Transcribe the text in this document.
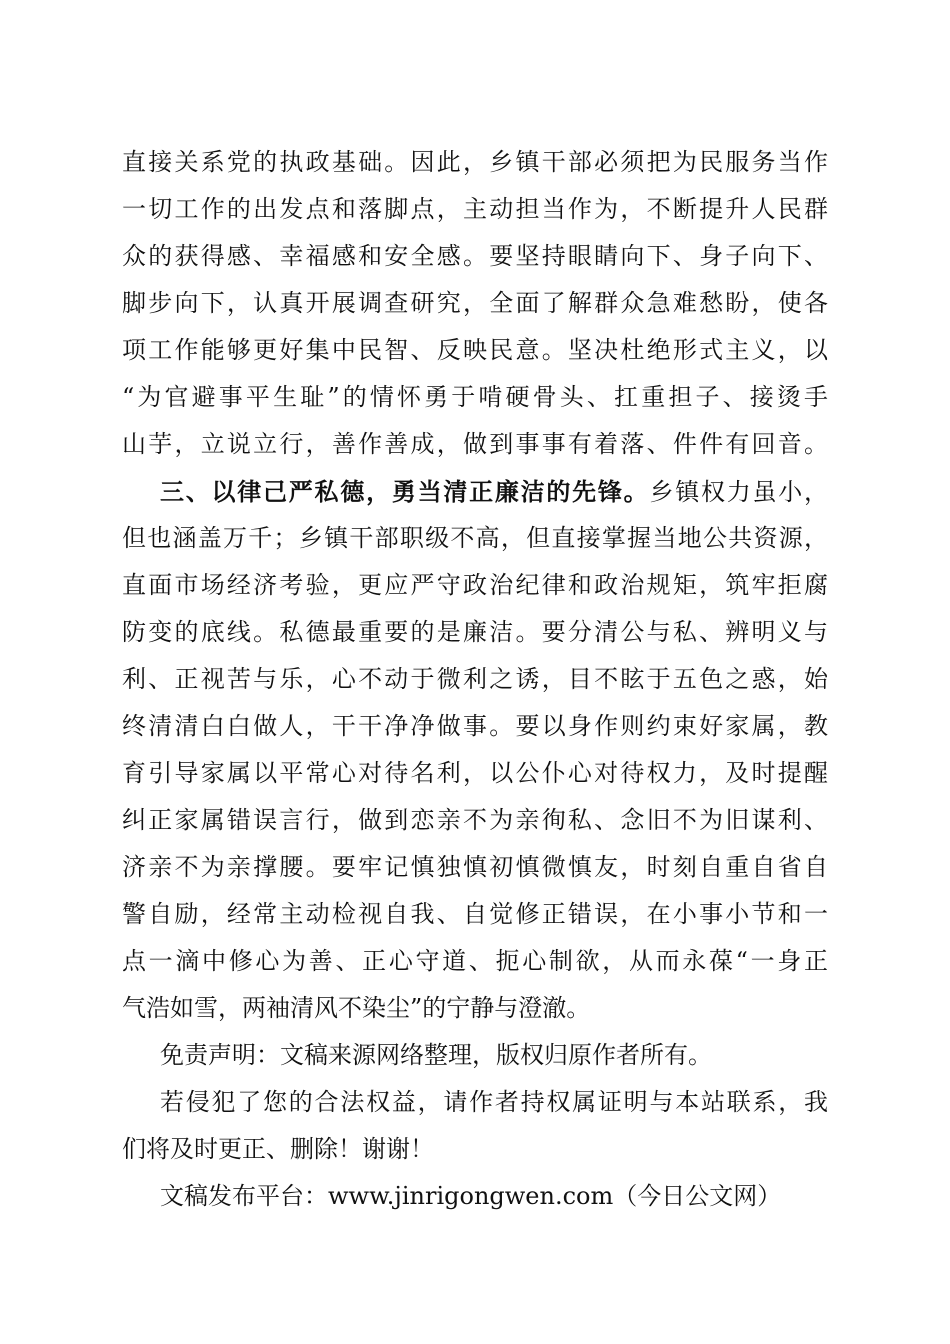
直接关系党的执政基础。因此，乡镇干部必须把为民服务当作
一切工作的出发点和落脚点，主动担当作为，不断提升人民群
众的获得感、幸福感和安全感。要坚持眼睛向下、身子向下、
脚步向下，认真开展调查研究，全面了解群众急难愁盼，使各
项工作能够更好集中民智、反映民意。坚决杜绝形式主义，以
“为官避事平生耻”的情怀勇于啃硬骨头、扛重担子、接烫手
山芋，立说立行，善作善成，做到事事有着落、件件有回音。
三、以律己严私德，勇当清正廉洁的先锋。乡镇权力虽小，
但也涵盖万千；乡镇干部职级不高，但直接掌握当地公共资源，
直面市场经济考验，更应严守政治纪律和政治规矩，筑牢拒腐
防变的底线。私德最重要的是廉洁。要分清公与私、辨明义与
利、正视苦与乐，心不动于微利之诱，目不眩于五色之惑，始
终清清白白做人，干干净净做事。要以身作则约束好家属，教
育引导家属以平常心对待名利，以公仆心对待权力，及时提醒
纠正家属错误言行，做到恋亲不为亲徇私、念旧不为旧谋利、
济亲不为亲撑腰。要牢记慎独慎初慎微慎友，时刻自重自省自
警自励，经常主动检视自我、自觉修正错误，在小事小节和一
点一滴中修心为善、正心守道、扼心制欲，从而永葆“一身正
气浩如雪，两袖清风不染尘”的宁静与澄澈。
免责声明：文稿来源网络整理，版权归原作者所有。
若侵犯了您的合法权益，请作者持权属证明与本站联系，我
们将及时更正、删除！谢谢！
文稿发布平台：www.jinrigongwen.com（今日公文网）
